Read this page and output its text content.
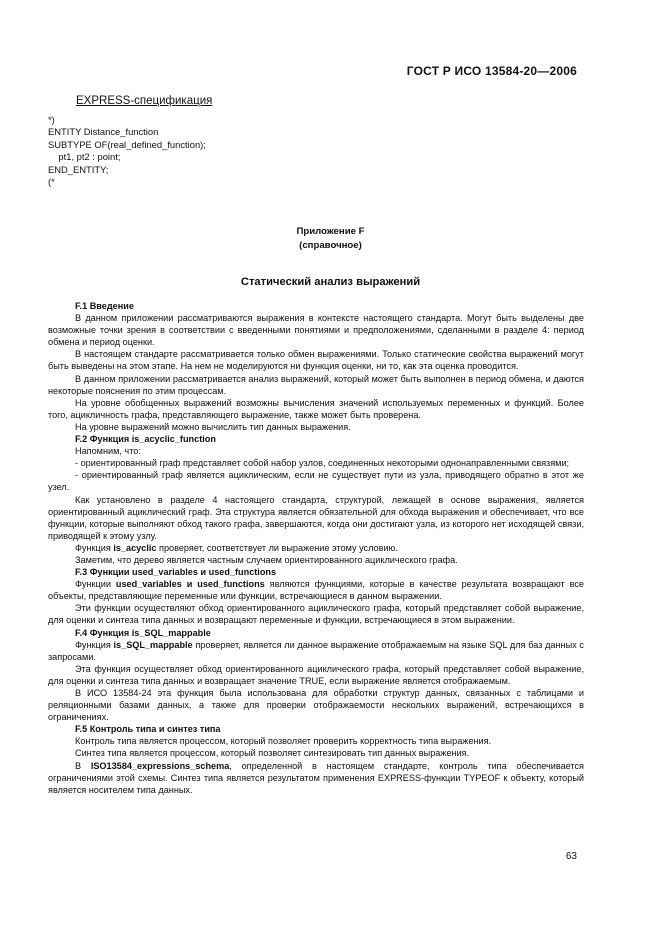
ГОСТ Р ИСО 13584-20—2006
EXPRESS-спецификация
*)
ENTITY Distance_function
SUBTYPE OF(real_defined_function);
pt1, pt2 : point;
END_ENTITY;
(*
Приложение F
(справочное)
Статический анализ выражений
F.1 Введение

В данном приложении рассматриваются выражения в контексте настоящего стандарта. Могут быть выделены две возможные точки зрения в соответствии с введенными понятиями и предположениями, сделанными в разделе 4: период обмена и период оценки.

В настоящем стандарте рассматривается только обмен выражениями. Только статические свойства выражений могут быть выведены на этом этапе. На нем не моделируются ни функция оценки, ни то, как эта оценка проводится.

В данном приложении рассматривается анализ выражений, который может быть выполнен в период обмена, и даются некоторые пояснения по этим процессам.

На уровне обобщенных выражений возможны вычисления значений используемых переменных и функций. Более того, ацикличность графа, представляющего выражение, также может быть проверена.

На уровне выражений можно вычислить тип данных выражения.

F.2 Функция is_acyclic_function

Напомним, что:

- ориентированный граф представляет собой набор узлов, соединенных некоторыми однонаправленными связями;

- ориентированный граф является ациклическим, если не существует пути из узла, приводящего обратно в этот же узел.

Как установлено в разделе 4 настоящего стандарта, структурой, лежащей в основе выражения, является ориентированный ациклический граф. Эта структура является обязательной для обхода выражения и обеспечивает, что все функции, которые выполняют обход такого графа, завершаются, когда они достигают узла, из которого нет исходящей связи, приводящей к этому узлу.

Функция is_acyclic проверяет, соответствует ли выражение этому условию.

Заметим, что дерево является частным случаем ориентированного ациклического графа.

F.3 Функции used_variables и used_functions

Функции used_variables и used_functions являются функциями, которые в качестве результата возвращают все объекты, представляющие переменные или функции, встречающиеся в данном выражении.

Эти функции осуществляют обход ориентированного ациклического графа, который представляет собой выражение, для оценки и синтеза типа данных и возвращают переменные и функции, встречающиеся в этом выражении.

F.4 Функция is_SQL_mappable

Функция is_SQL_mappable проверяет, является ли данное выражение отображаемым на языке SQL для баз данных с запросами.

Эта функция осуществляет обход ориентированного ациклического графа, который представляет собой выражение, для оценки и синтеза типа данных и возвращает значение TRUE, если выражение является отображаемым.

В ИСО 13584-24 эта функция была использована для обработки структур данных, связанных с таблицами и реляционными базами данных, а также для проверки отображаемости нескольких выражений, встречающихся в ограничениях.

F.5 Контроль типа и синтез типа

Контроль типа является процессом, который позволяет проверить корректность типа выражения.

Синтез типа является процессом, который позволяет синтезировать тип данных выражения.

В ISO13584_expressions_schema, определенной в настоящем стандарте, контроль типа обеспечивается ограничениями этой схемы. Синтез типа является результатом применения EXPRESS-функции TYPEOF к объекту, который является носителем типа данных.

63
